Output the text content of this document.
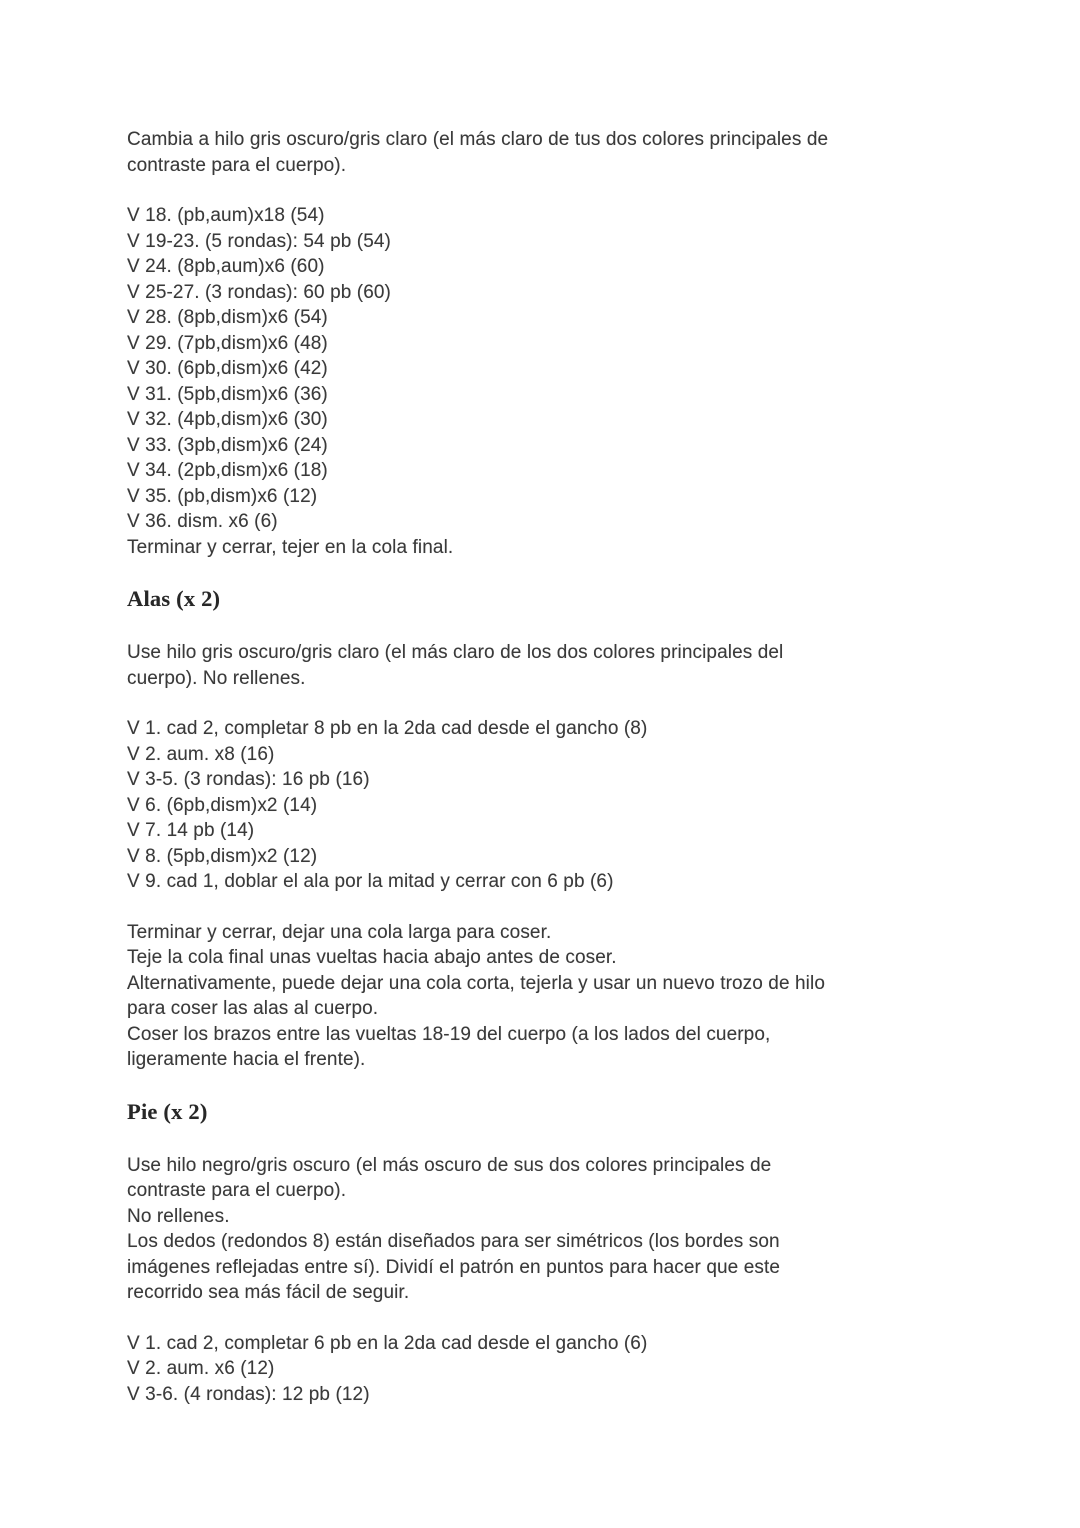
Cambia a hilo gris oscuro/gris claro (el más claro de tus dos colores principales de
contraste para el cuerpo).
V 18. (pb,aum)x18 (54)
V 19-23. (5 rondas): 54 pb (54)
V 24. (8pb,aum)x6 (60)
V 25-27. (3 rondas): 60 pb (60)
V 28. (8pb,dism)x6 (54)
V 29. (7pb,dism)x6 (48)
V 30. (6pb,dism)x6 (42)
V 31. (5pb,dism)x6 (36)
V 32. (4pb,dism)x6 (30)
V 33. (3pb,dism)x6 (24)
V 34. (2pb,dism)x6 (18)
V 35. (pb,dism)x6 (12)
V 36. dism. x6 (6)
Terminar y cerrar, tejer en la cola final.
Alas (x 2)
Use hilo gris oscuro/gris claro (el más claro de los dos colores principales del
cuerpo). No rellenes.
V 1. cad 2, completar 8 pb en la 2da cad desde el gancho (8)
V 2. aum. x8 (16)
V 3-5. (3 rondas): 16 pb (16)
V 6. (6pb,dism)x2 (14)
V 7. 14 pb (14)
V 8. (5pb,dism)x2 (12)
V 9. cad 1, doblar el ala por la mitad y cerrar con 6 pb (6)
Terminar y cerrar, dejar una cola larga para coser.
Teje la cola final unas vueltas hacia abajo antes de coser.
Alternativamente, puede dejar una cola corta, tejerla y usar un nuevo trozo de hilo
para coser las alas al cuerpo.
Coser los brazos entre las vueltas 18-19 del cuerpo (a los lados del cuerpo,
ligeramente hacia el frente).
Pie (x 2)
Use hilo negro/gris oscuro (el más oscuro de sus dos colores principales de
contraste para el cuerpo).
No rellenes.
Los dedos (redondos 8) están diseñados para ser simétricos (los bordes son
imágenes reflejadas entre sí). Dividí el patrón en puntos para hacer que este
recorrido sea más fácil de seguir.
V 1. cad 2, completar 6 pb en la 2da cad desde el gancho (6)
V 2. aum. x6 (12)
V 3-6. (4 rondas): 12 pb (12)
